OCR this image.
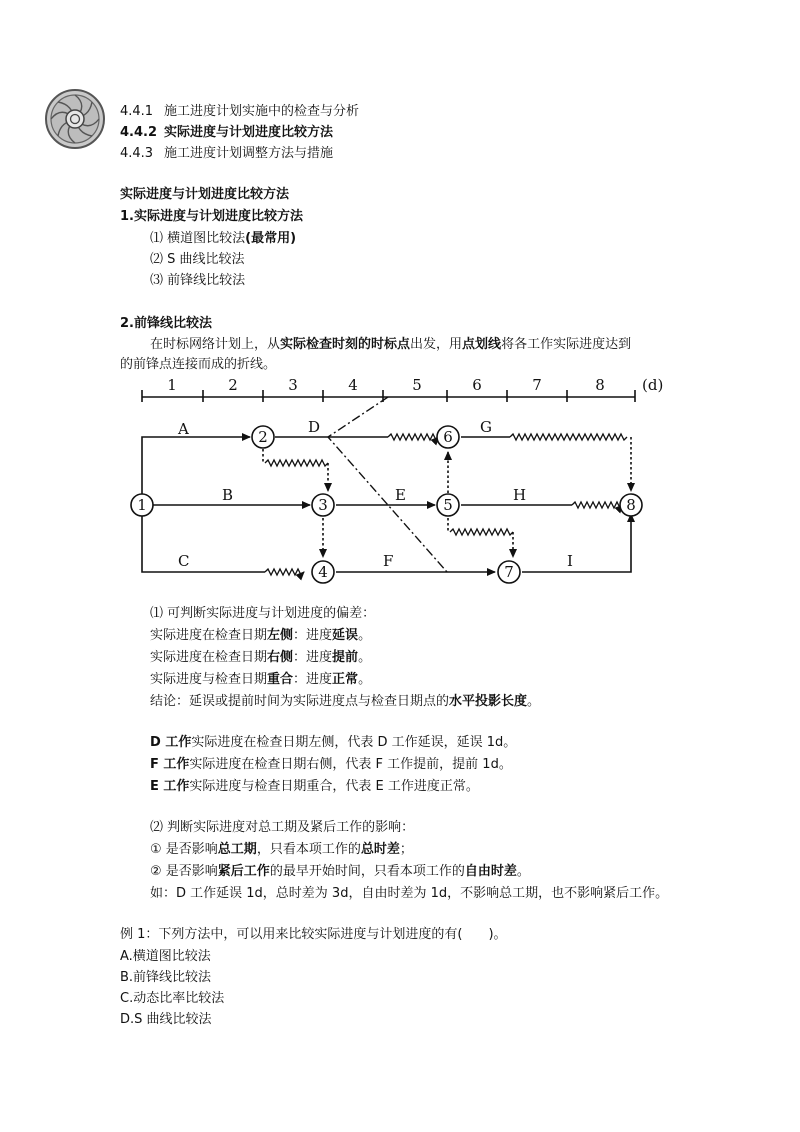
4.4.1 施工进度计划实施中的检查与分析
4.4.2 实际进度与计划进度比较方法
4.4.3 施工进度计划调整方法与措施
实际进度与计划进度比较方法
1.实际进度与计划进度比较方法
⑴ 横道图比较法(最常用)
⑵ S 曲线比较法
⑶ 前锋线比较法
2.前锋线比较法
在时标网络计划上，从实际检查时刻的时标点出发，用点划线将各工作实际进度达到
的前锋点连接而成的折线。
1	2	3	4	5	6	7	8 (d)
A
B
C
D
E
F
G
H
I
1
2
3
4
5
6
7
8
⑴ 可判断实际进度与计划进度的偏差：
实际进度在检查日期左侧：进度延误。
实际进度在检查日期右侧：进度提前。
实际进度与检查日期重合：进度正常。
结论：延误或提前时间为实际进度点与检查日期点的水平投影长度。
D 工作实际进度在检查日期左侧，代表 D 工作延误，延误 1d。
F 工作实际进度在检查日期右侧，代表 F 工作提前，提前 1d。
E 工作实际进度与检查日期重合，代表 E 工作进度正常。
⑵ 判断实际进度对总工期及紧后工作的影响：
① 是否影响总工期，只看本项工作的总时差；
② 是否影响紧后工作的最早开始时间，只看本项工作的自由时差。
如：D 工作延误 1d，总时差为 3d，自由时差为 1d，不影响总工期，也不影响紧后工作。
例 1：下列方法中，可以用来比较实际进度与计划进度的有(　　)。
A.横道图比较法
B.前锋线比较法
C.动态比率比较法
D.S 曲线比较法
